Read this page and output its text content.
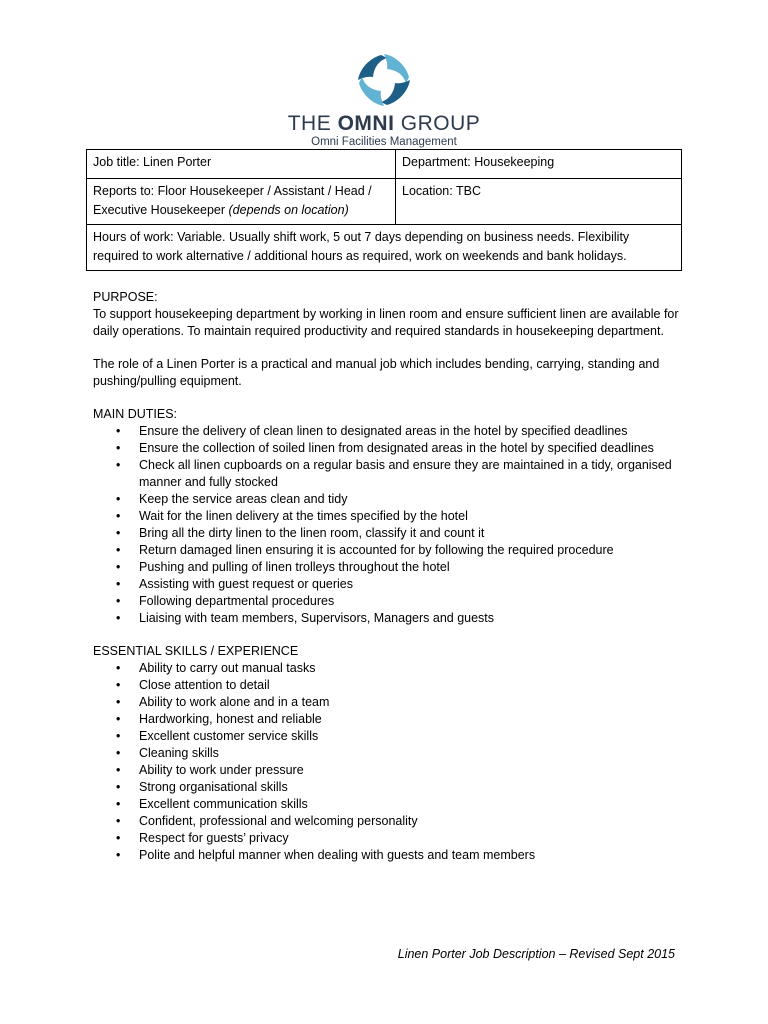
THE OMNI GROUP
Omni Facilities Management
Job title: Linen Porter	Department: Housekeeping
Reports to: Floor Housekeeper / Assistant / Head / Executive Housekeeper (depends on location)	Location: TBC
Hours of work: Variable. Usually shift work, 5 out 7 days depending on business needs. Flexibility required to work alternative / additional hours as required, work on weekends and bank holidays.	

PURPOSE:

To support housekeeping department by working in linen room and ensure sufficient linen are available for daily operations. To maintain required productivity and required standards in housekeeping department.

The role of a Linen Porter is a practical and manual job which includes bending, carrying, standing and pushing/pulling equipment.

MAIN DUTIES:

• Ensure the delivery of clean linen to designated areas in the hotel by specified deadlines
• Ensure the collection of soiled linen from designated areas in the hotel by specified deadlines
• Check all linen cupboards on a regular basis and ensure they are maintained in a tidy, organised manner and fully stocked
• Keep the service areas clean and tidy
• Wait for the linen delivery at the times specified by the hotel
• Bring all the dirty linen to the linen room, classify it and count it
• Return damaged linen ensuring it is accounted for by following the required procedure
• Pushing and pulling of linen trolleys throughout the hotel
• Assisting with guest request or queries
• Following departmental procedures
• Liaising with team members, Supervisors, Managers and guests

ESSENTIAL SKILLS / EXPERIENCE

• Ability to carry out manual tasks
• Close attention to detail
• Ability to work alone and in a team
• Hardworking, honest and reliable
• Excellent customer service skills
• Cleaning skills
• Ability to work under pressure
• Strong organisational skills
• Excellent communication skills
• Confident, professional and welcoming personality
• Respect for guests’ privacy
• Polite and helpful manner when dealing with guests and team members
Linen Porter Job Description – Revised Sept 2015
